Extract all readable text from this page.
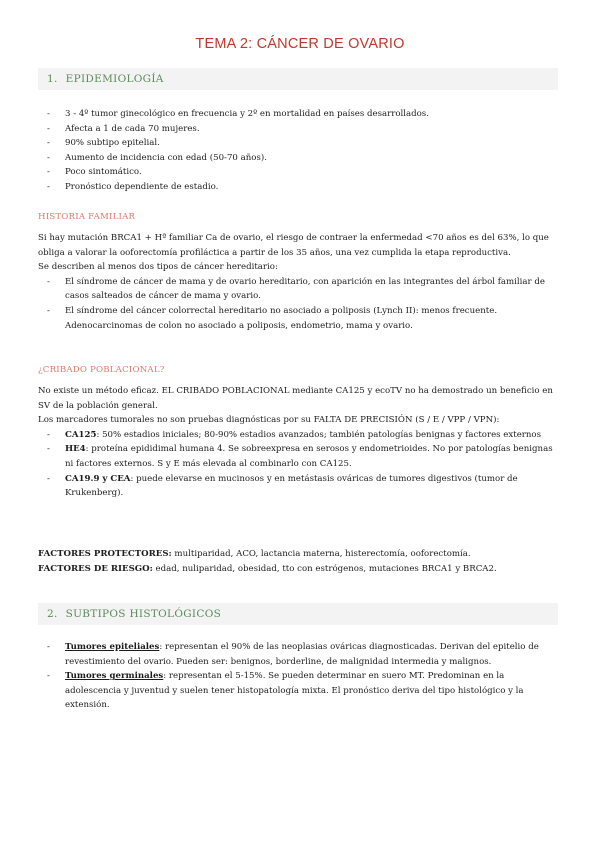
TEMA 2: CÁNCER DE OVARIO
1. EPIDEMIOLOGÍA
- 3 - 4º tumor ginecológico en frecuencia y 2º en mortalidad en países desarrollados.
- Afecta a 1 de cada 70 mujeres.
- 90% subtipo epitelial.
- Aumento de incidencia con edad (50-70 años).
- Poco sintomático.
- Pronóstico dependiente de estadio.
HISTORIA FAMILIAR

Si hay mutación BRCA1 + Hª familiar Ca de ovario, el riesgo de contraer la enfermedad <70 años es del 63%, lo que obliga a valorar la ooforectomía profiláctica a partir de los 35 años, una vez cumplida la etapa reproductiva.

Se describen al menos dos tipos de cáncer hereditario:

- El síndrome de cáncer de mama y de ovario hereditario, con aparición en las integrantes del árbol familiar de casos salteados de cáncer de mama y ovario.
- El síndrome del cáncer colorrectal hereditario no asociado a poliposis (Lynch II): menos frecuente. Adenocarcinomas de colon no asociado a poliposis, endometrio, mama y ovario.
¿CRIBADO POBLACIONAL?

No existe un método eficaz. EL CRIBADO POBLACIONAL mediante CA125 y ecoTV no ha demostrado un beneficio en SV de la población general.

Los marcadores tumorales no son pruebas diagnósticas por su FALTA DE PRECISIÓN (S / E / VPP / VPN):

- CA125: 50% estadios iniciales; 80-90% estadios avanzados; también patologías benignas y factores externos
- HE4: proteína epididimal humana 4. Se sobreexpresa en serosos y endometrioides. No por patologías benignas ni factores externos. S y E más elevada al combinarlo con CA125.
- CA19.9 y CEA: puede elevarse en mucinosos y en metástasis ováricas de tumores digestivos (tumor de Krukenberg).

FACTORES PROTECTORES: multiparidad, ACO, lactancia materna, histerectomía, ooforectomía.

FACTORES DE RIESGO: edad, nuliparidad, obesidad, tto con estrógenos, mutaciones BRCA1 y BRCA2.

2. SUBTIPOS HISTOLÓGICOS
- Tumores epiteliales: representan el 90% de las neoplasias ováricas diagnosticadas. Derivan del epitelio de revestimiento del ovario. Pueden ser: benignos, borderline, de malignidad intermedia y malignos.
- Tumores germinales: representan el 5-15%. Se pueden determinar en suero MT. Predominan en la adolescencia y juventud y suelen tener histopatología mixta. El pronóstico deriva del tipo histológico y la extensión.
